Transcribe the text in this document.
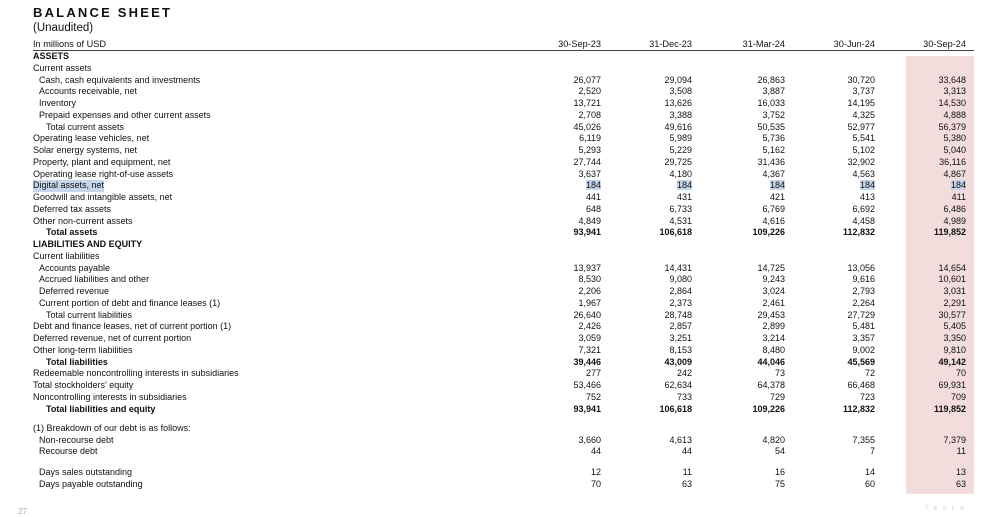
BALANCE SHEET
(Unaudited)
In millions of USD	30-Sep-23	31-Dec-23	31-Mar-24	30-Jun-24	30-Sep-24
ASSETS
Current assets
Cash, cash equivalents and investments	26,077	29,094	26,863	30,720	33,648
Accounts receivable, net	2,520	3,508	3,887	3,737	3,313
Inventory	13,721	13,626	16,033	14,195	14,530
Prepaid expenses and other current assets	2,708	3,388	3,752	4,325	4,888
Total current assets	45,026	49,616	50,535	52,977	56,379
Operating lease vehicles, net	6,119	5,989	5,736	5,541	5,380
Solar energy systems, net	5,293	5,229	5,162	5,102	5,040
Property, plant and equipment, net	27,744	29,725	31,436	32,902	36,116
Operating lease right-of-use assets	3,637	4,180	4,367	4,563	4,867
Digital assets, net	184	184	184	184	184
Goodwill and intangible assets, net	441	431	421	413	411
Deferred tax assets	648	6,733	6,769	6,692	6,486
Other non-current assets	4,849	4,531	4,616	4,458	4,989
Total assets	93,941	106,618	109,226	112,832	119,852
LIABILITIES AND EQUITY
Current liabilities
Accounts payable	13,937	14,431	14,725	13,056	14,654
Accrued liabilities and other	8,530	9,080	9,243	9,616	10,601
Deferred revenue	2,206	2,864	3,024	2,793	3,031
Current portion of debt and finance leases (1)	1,967	2,373	2,461	2,264	2,291
Total current liabilities	26,640	28,748	29,453	27,729	30,577
Debt and finance leases, net of current portion (1)	2,426	2,857	2,899	5,481	5,405
Deferred revenue, net of current portion	3,059	3,251	3,214	3,357	3,350
Other long-term liabilities	7,321	8,153	8,480	9,002	9,810
Total liabilities	39,446	43,009	44,046	45,569	49,142
Redeemable noncontrolling interests in subsidiaries	277	242	73	72	70
Total stockholders' equity	53,466	62,634	64,378	66,468	69,931
Noncontrolling interests in subsidiaries	752	733	729	723	709
Total liabilities and equity	93,941	106,618	109,226	112,832	119,852
(1) Breakdown of our debt is as follows:
Non-recourse debt	3,660	4,613	4,820	7,355	7,379
Recourse debt	44	44	54	7	11
Days sales outstanding	12	11	16	14	13
Days payable outstanding	70	63	75	60	63
27	TESLA
